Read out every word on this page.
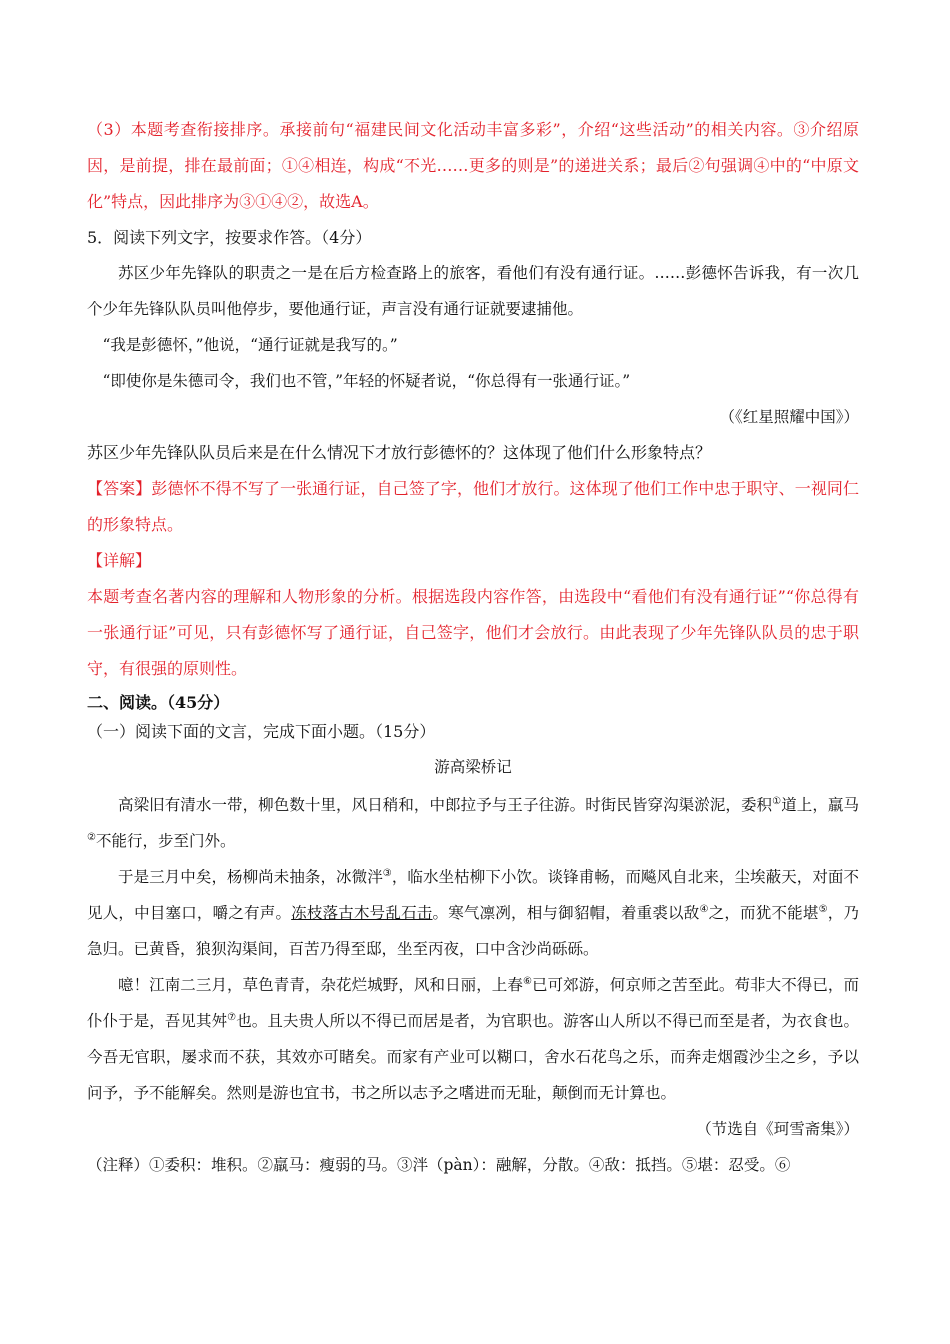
（3）本题考查衔接排序。承接前句“福建民间文化活动丰富多彩”，介绍“这些活动”的相关内容。③介绍原因，是前提，排在最前面；①④相连，构成“不光……更多的则是”的递进关系；最后②句强调④中的“中原文化”特点，因此排序为③①④②，故选A。

5．阅读下列文字，按要求作答。（4分）

苏区少年先锋队的职责之一是在后方检查路上的旅客，看他们有没有通行证。……彭德怀告诉我，有一次几个少年先锋队队员叫他停步，要他通行证，声言没有通行证就要逮捕他。

“我是彭德怀，”他说，“通行证就是我写的。”

“即使你是朱德司令，我们也不管，”年轻的怀疑者说，“你总得有一张通行证。”

（《红星照耀中国》）

苏区少年先锋队队员后来是在什么情况下才放行彭德怀的？这体现了他们什么形象特点？

【答案】彭德怀不得不写了一张通行证，自己签了字，他们才放行。这体现了他们工作中忠于职守、一视同仁的形象特点。

【详解】

本题考查名著内容的理解和人物形象的分析。根据选段内容作答，由选段中“看他们有没有通行证”“你总得有一张通行证”可见，只有彭德怀写了通行证，自己签字，他们才会放行。由此表现了少年先锋队队员的忠于职守，有很强的原则性。

二、阅读。（45分）

（一）阅读下面的文言，完成下面小题。（15分）

游高梁桥记

高梁旧有清水一带，柳色数十里，风日稍和，中郎拉予与王子往游。时街民皆穿沟渠淤泥，委积①道上，羸马②不能行，步至门外。

于是三月中矣，杨柳尚未抽条，冰微泮③，临水坐枯柳下小饮。谈锋甫畅，而飚风自北来，尘埃蔽天，对面不见人，中目塞口，嚼之有声。冻枝落古木号乱石击。寒气凛冽，相与御貂帽，着重裘以敌④之，而犹不能堪⑤，乃急归。已黄昏，狼狈沟渠间，百苦乃得至邸，坐至丙夜，口中含沙尚砾砾。

噫！江南二三月，草色青青，杂花烂城野，风和日丽，上春⑥已可郊游，何京师之苦至此。苟非大不得已，而仆仆于是，吾见其舛⑦也。且夫贵人所以不得已而居是者，为官职也。游客山人所以不得已而至是者，为衣食也。今吾无官职，屡求而不获，其效亦可睹矣。而家有产业可以糊口，舍水石花鸟之乐，而奔走烟霞沙尘之乡，予以问予，予不能解矣。然则是游也宜书，书之所以志予之嗜进而无耻，颠倒而无计算也。

（节选自《珂雪斋集》）

（注释）①委积：堆积。②羸马：瘦弱的马。③泮（pàn）：融解，分散。④敌：抵挡。⑤堪：忍受。⑥
